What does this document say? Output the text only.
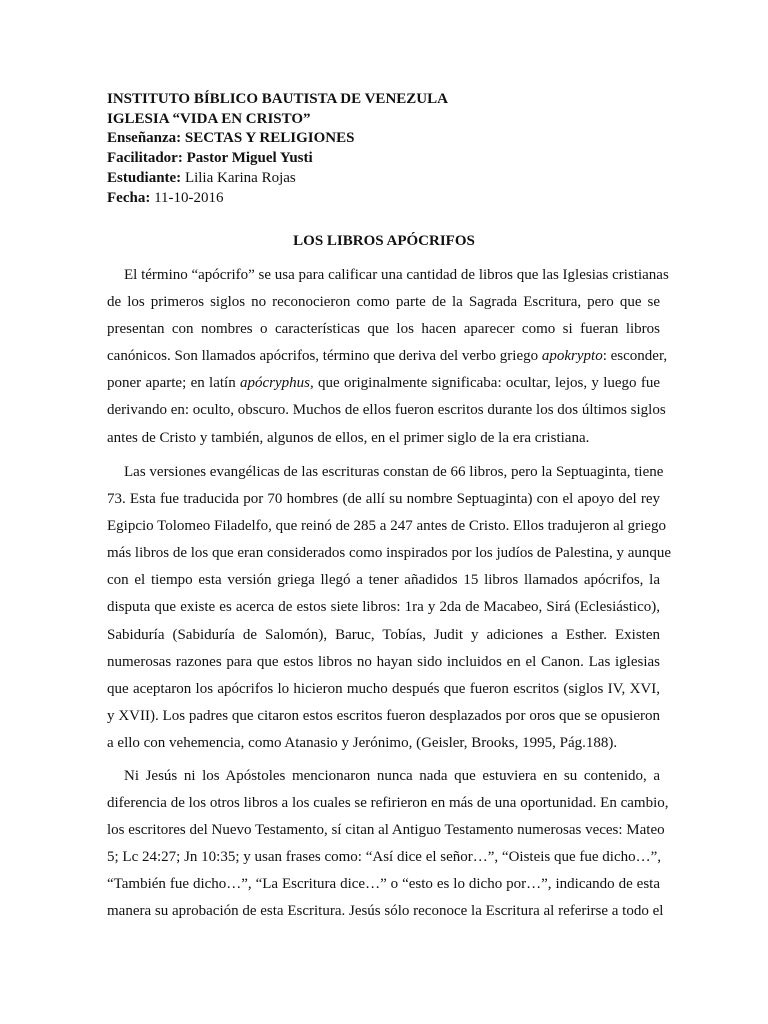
INSTITUTO BÍBLICO BAUTISTA DE VENEZULA
IGLESIA “VIDA EN CRISTO”
Enseñanza: SECTAS Y RELIGIONES
Facilitador: Pastor Miguel Yusti
Estudiante: Lilia Karina Rojas
Fecha: 11-10-2016
LOS LIBROS APÓCRIFOS
El término “apócrifo” se usa para calificar una cantidad de libros que las Iglesias cristianas
de los primeros siglos no reconocieron como parte de la Sagrada Escritura, pero que se
presentan con nombres o características que los hacen aparecer como si fueran libros
canónicos. Son llamados apócrifos, término que deriva del verbo griego apokrypto: esconder,
poner aparte; en latín apócryphus, que originalmente significaba: ocultar, lejos, y luego fue
derivando en: oculto, obscuro. Muchos de ellos fueron escritos durante los dos últimos siglos
antes de Cristo y también, algunos de ellos, en el primer siglo de la era cristiana.
Las versiones evangélicas de las escrituras constan de 66 libros, pero la Septuaginta, tiene
73. Esta fue traducida por 70 hombres (de allí su nombre Septuaginta) con el apoyo del rey
Egipcio Tolomeo Filadelfo, que reinó de 285 a 247 antes de Cristo. Ellos tradujeron al griego
más libros de los que eran considerados como inspirados por los judíos de Palestina, y aunque
con el tiempo esta versión griega llegó a tener añadidos 15 libros llamados apócrifos, la
disputa que existe es acerca de estos siete libros: 1ra y 2da de Macabeo, Sirá (Eclesiástico),
Sabiduría (Sabiduría de Salomón), Baruc, Tobías, Judit y adiciones a Esther. Existen
numerosas razones para que estos libros no hayan sido incluidos en el Canon. Las iglesias
que aceptaron los apócrifos lo hicieron mucho después que fueron escritos (siglos IV, XVI,
y XVII). Los padres que citaron estos escritos fueron desplazados por oros que se opusieron
a ello con vehemencia, como Atanasio y Jerónimo, (Geisler, Brooks, 1995, Pág.188).
Ni Jesús ni los Apóstoles mencionaron nunca nada que estuviera en su contenido, a
diferencia de los otros libros a los cuales se refirieron en más de una oportunidad. En cambio,
los escritores del Nuevo Testamento, sí citan al Antiguo Testamento numerosas veces: Mateo
5; Lc 24:27; Jn 10:35; y usan frases como: “Así dice el señor…”, “Oisteis que fue dicho…”,
“También fue dicho…”, “La Escritura dice…” o “esto es lo dicho por…”, indicando de esta
manera su aprobación de esta Escritura. Jesús sólo reconoce la Escritura al referirse a todo el
